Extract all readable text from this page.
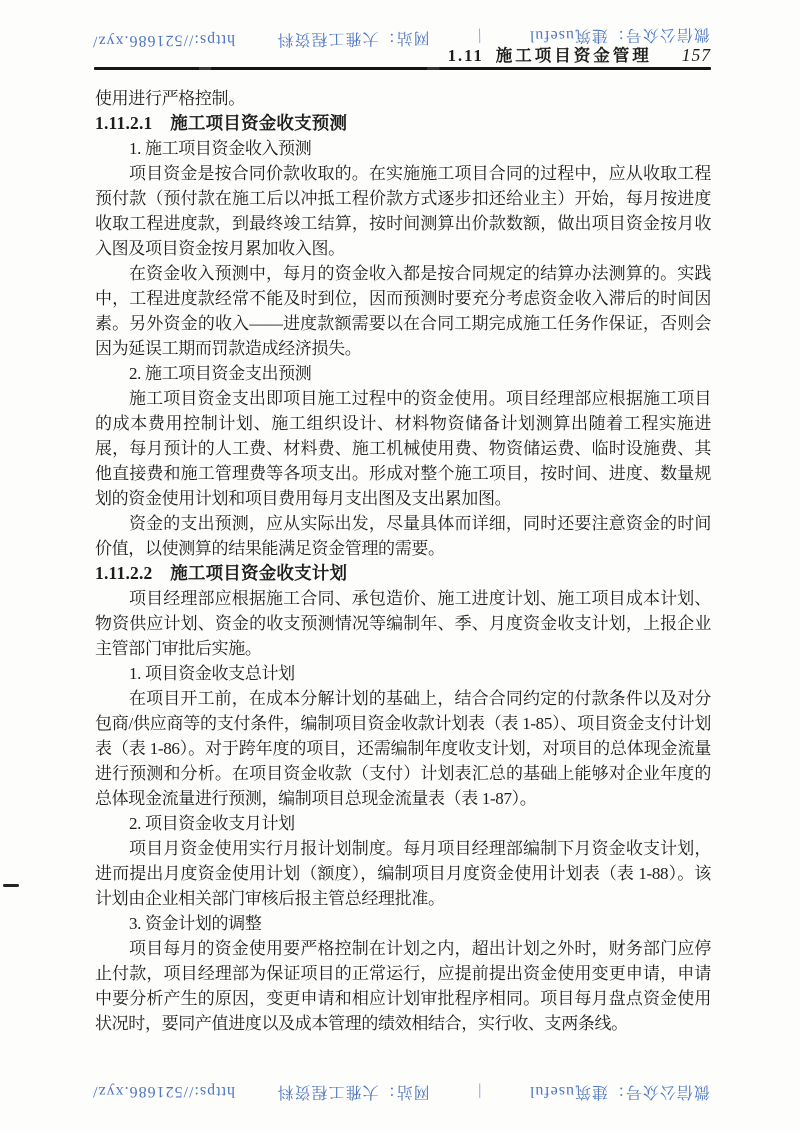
微信公众号：建筑useful
|
网站：大雅工程资料
https://521686.xyz/
1.11 施工项目资金管理 157

使用进行严格控制。

1.11.2.1　施工项目资金收支预测

1. 施工项目资金收入预测

项目资金是按合同价款收取的。在实施施工项目合同的过程中，应从收取工程预付款（预付款在施工后以冲抵工程价款方式逐步扣还给业主）开始，每月按进度收取工程进度款，到最终竣工结算，按时间测算出价款数额，做出项目资金按月收入图及项目资金按月累加收入图。

在资金收入预测中，每月的资金收入都是按合同规定的结算办法测算的。实践中，工程进度款经常不能及时到位，因而预测时要充分考虑资金收入滞后的时间因素。另外资金的收入——进度款额需要以在合同工期完成施工任务作保证，否则会因为延误工期而罚款造成经济损失。

2. 施工项目资金支出预测

施工项目资金支出即项目施工过程中的资金使用。项目经理部应根据施工项目的成本费用控制计划、施工组织设计、材料物资储备计划测算出随着工程实施进展，每月预计的人工费、材料费、施工机械使用费、物资储运费、临时设施费、其他直接费和施工管理费等各项支出。形成对整个施工项目，按时间、进度、数量规划的资金使用计划和项目费用每月支出图及支出累加图。

资金的支出预测，应从实际出发，尽量具体而详细，同时还要注意资金的时间价值，以使测算的结果能满足资金管理的需要。

1.11.2.2　施工项目资金收支计划

项目经理部应根据施工合同、承包造价、施工进度计划、施工项目成本计划、物资供应计划、资金的收支预测情况等编制年、季、月度资金收支计划，上报企业主管部门审批后实施。

1. 项目资金收支总计划

在项目开工前，在成本分解计划的基础上，结合合同约定的付款条件以及对分包商/供应商等的支付条件，编制项目资金收款计划表（表 1-85）、项目资金支付计划表（表 1-86）。对于跨年度的项目，还需编制年度收支计划，对项目的总体现金流量进行预测和分析。在项目资金收款（支付）计划表汇总的基础上能够对企业年度的总体现金流量进行预测，编制项目总现金流量表（表 1-87）。

2. 项目资金收支月计划

项目月资金使用实行月报计划制度。每月项目经理部编制下月资金收支计划，进而提出月度资金使用计划（额度），编制项目月度资金使用计划表（表 1-88）。该计划由企业相关部门审核后报主管总经理批准。

3. 资金计划的调整

项目每月的资金使用要严格控制在计划之内，超出计划之外时，财务部门应停止付款，项目经理部为保证项目的正常运行，应提前提出资金使用变更申请，申请中要分析产生的原因，变更申请和相应计划审批程序相同。项目每月盘点资金使用状况时，要同产值进度以及成本管理的绩效相结合，实行收、支两条线。

微信公众号：建筑useful
|
网站：大雅工程资料
https://521686.xyz/
